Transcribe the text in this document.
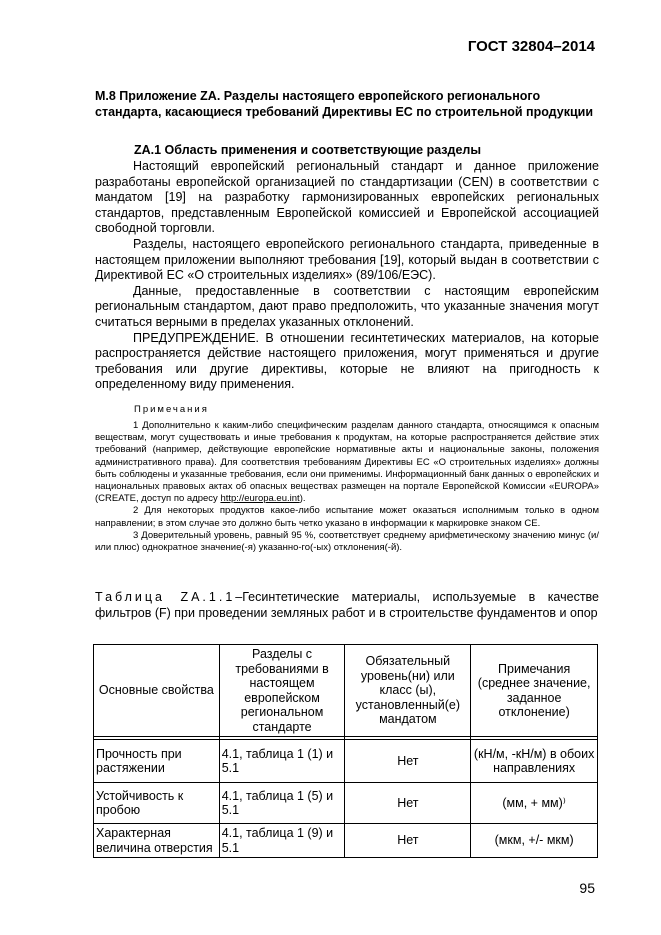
ГОСТ 32804–2014
М.8 Приложение ZA. Разделы настоящего европейского регионального стандарта, касающиеся требований Директивы ЕС по строительной продукции
ZA.1 Область применения и соответствующие разделы

Настоящий европейский региональный стандарт и данное приложение разработаны европейской организацией по стандартизации (CEN) в соответствии с мандатом [19] на разработку гармонизированных европейских региональных стандартов, представленным Европейской комиссией и Европейской ассоциацией свободной торговли.

Разделы, настоящего европейского регионального стандарта, приведенные в настоящем приложении выполняют требования [19], который выдан в соответствии с Директивой ЕС «О строительных изделиях» (89/106/ЕЭС).

Данные, предоставленные в соответствии с настоящим европейским региональным стандартом, дают право предположить, что указанные значения могут считаться верными в пределах указанных отклонений.

ПРЕДУПРЕЖДЕНИЕ. В отношении гесинтетических материалов, на которые распространяется действие настоящего приложения, могут применяться и другие требования или другие директивы, которые не влияют на пригодность к определенному виду применения.

Примечания

1 Дополнительно к каким-либо специфическим разделам данного стандарта, относящимся к опасным веществам, могут существовать и иные требования к продуктам, на которые распространяется действие этих требований (например, действующие европейские нормативные акты и национальные законы, положения административного права). Для соответствия требованиям Директивы ЕС «О строительных изделиях» должны быть соблюдены и указанные требования, если они применимы. Информационный банк данных о европейских и национальных правовых актах об опасных веществах размещен на портале Европейской Комиссии «EUROPA» (CREATE, доступ по адресу http://europa.eu.int).

2 Для некоторых продуктов какое-либо испытание может оказаться исполнимым только в одном направлении; в этом случае это должно быть четко указано в информации к маркировке знаком CE.

3 Доверительный уровень, равный 95 %, соответствует среднему арифметическому значению минус (и/или плюс) однократное значение(-я) указанно-го(-ых) отклонения(-й).

Таблица ZA.1.1–Гесинтетические материалы, используемые в качестве фильтров (F) при проведении земляных работ и в строительстве фундаментов и опор
Основные свойства	Разделы с требованиями в настоящем европейском региональном стандарте	Обязательный уровень(ни) или класс (ы), установленный(е) мандатом	Примечания (среднее значение, заданное отклонение)

Прочность при растяжении	4.1, таблица 1 (1) и 5.1	Нет	(кН/м, -кН/м) в обоих направлениях
Устойчивость к пробою	4.1, таблица 1 (5) и 5.1	Нет	(мм, + мм)⁾
Характерная величина отверстия	4.1, таблица 1 (9) и 5.1	Нет	(мкм, +/- мкм)
95
